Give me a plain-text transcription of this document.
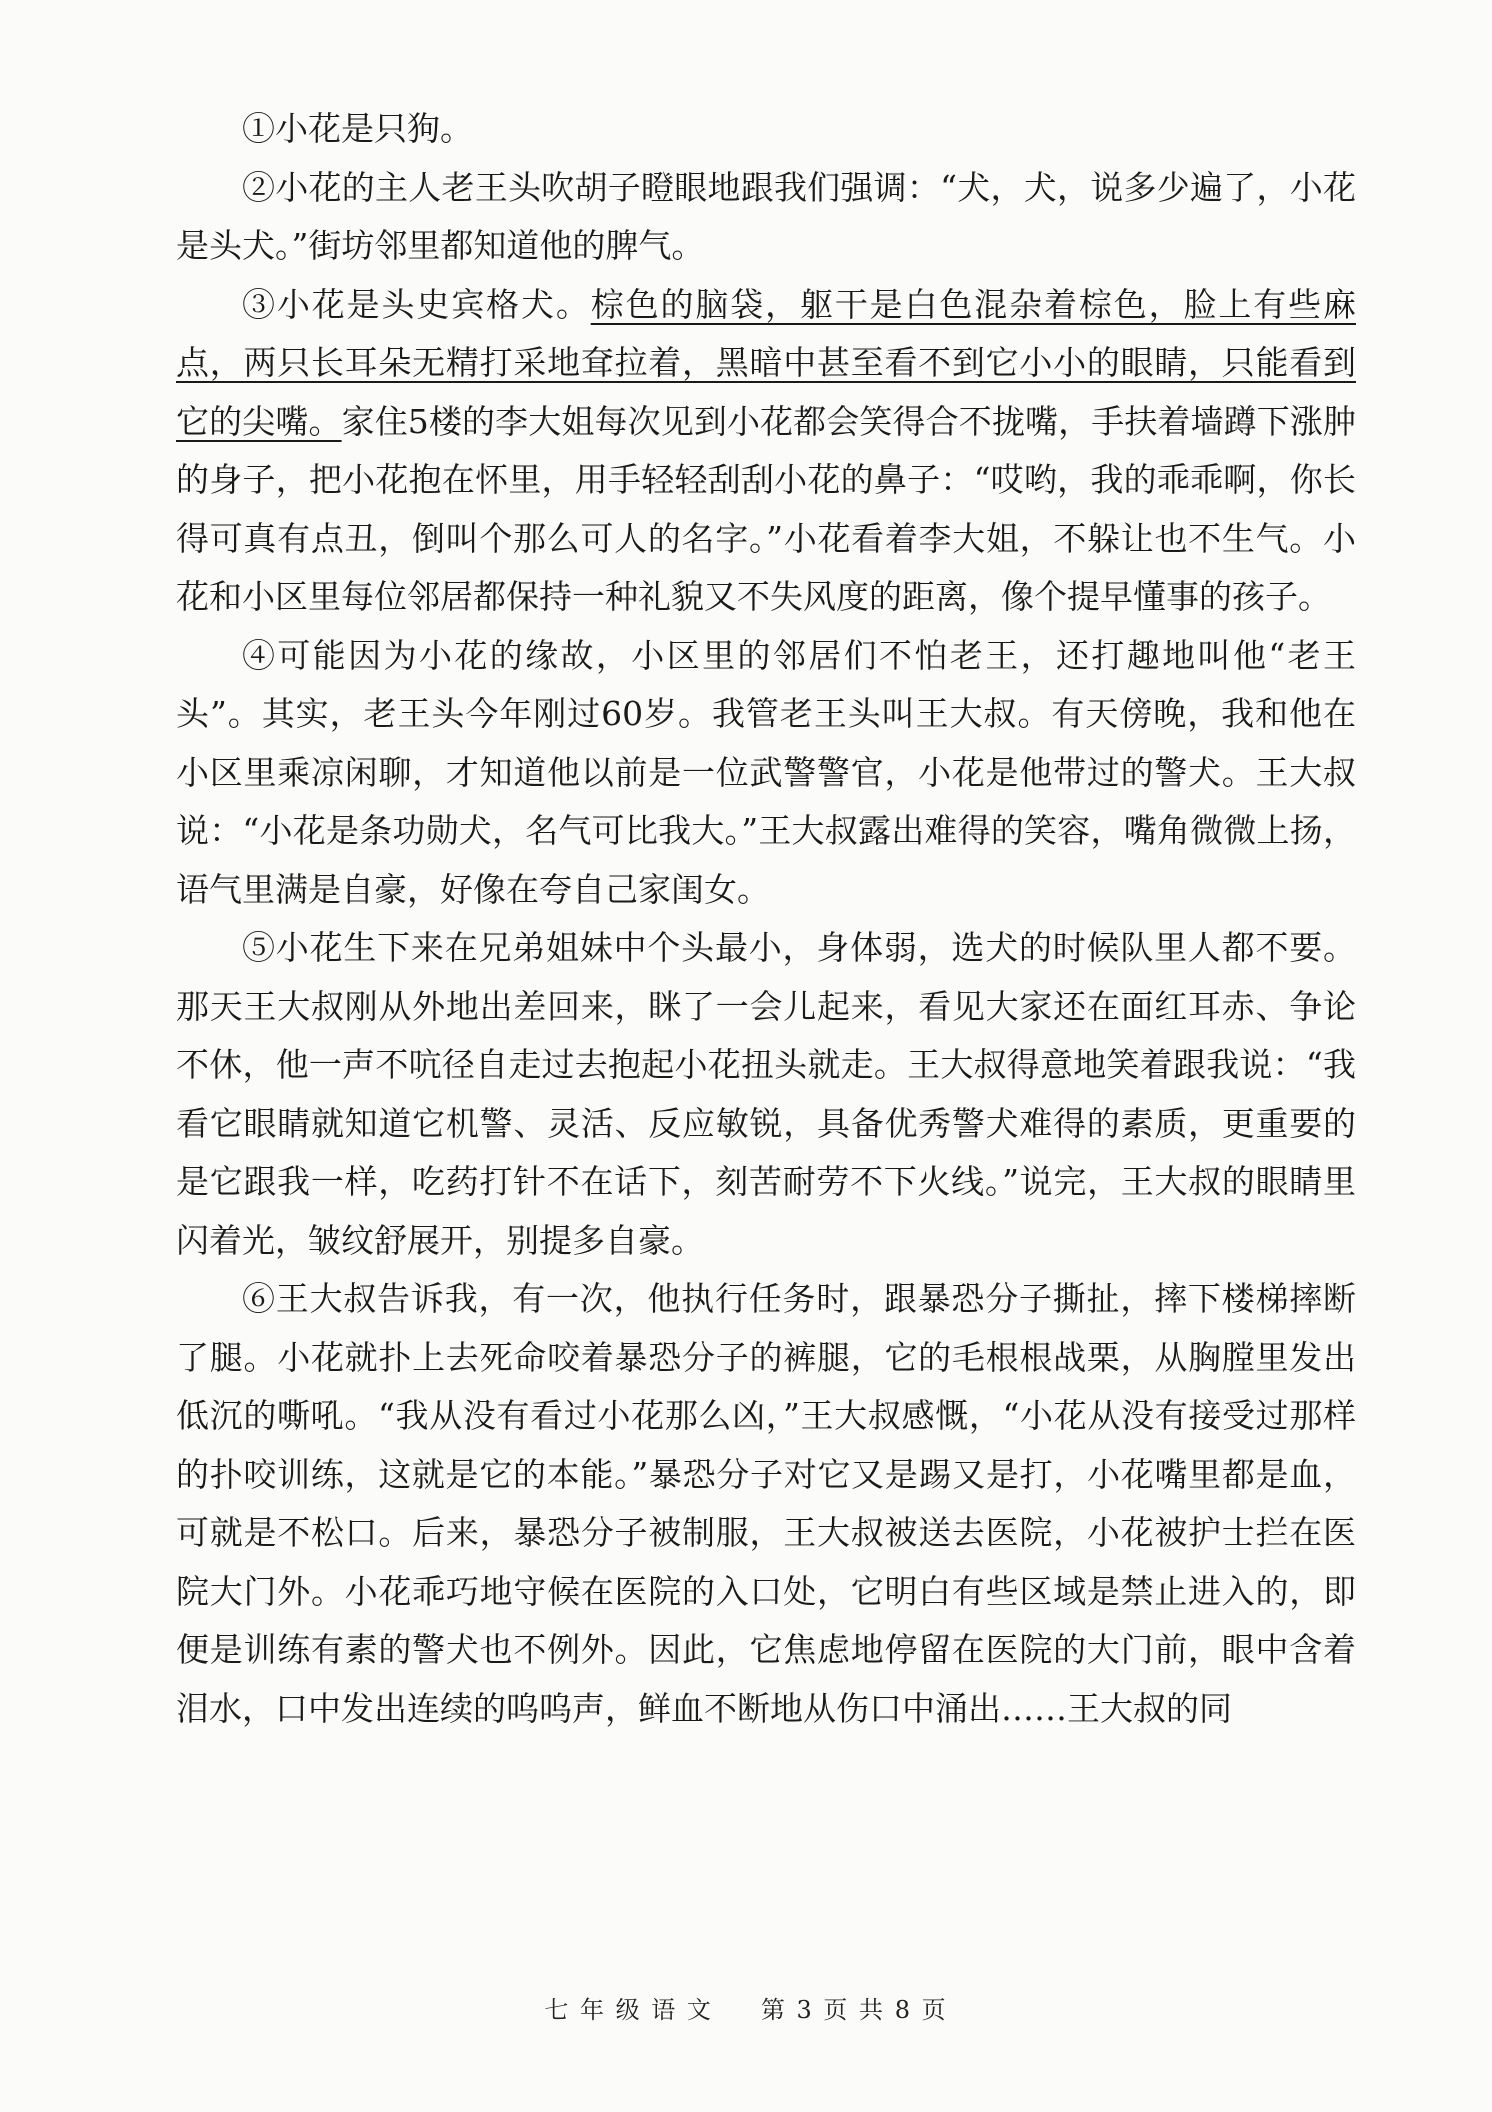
①小花是只狗。

②小花的主人老王头吹胡子瞪眼地跟我们强调：“犬，犬，说多少遍了，小花是头犬。”街坊邻里都知道他的脾气。

③小花是头史宾格犬。棕色的脑袋，躯干是白色混杂着棕色，脸上有些麻点，两只长耳朵无精打采地耷拉着，黑暗中甚至看不到它小小的眼睛，只能看到它的尖嘴。家住5楼的李大姐每次见到小花都会笑得合不拢嘴，手扶着墙蹲下涨肿的身子，把小花抱在怀里，用手轻轻刮刮小花的鼻子：“哎哟，我的乖乖啊，你长得可真有点丑，倒叫个那么可人的名字。”小花看着李大姐，不躲让也不生气。小花和小区里每位邻居都保持一种礼貌又不失风度的距离，像个提早懂事的孩子。

④可能因为小花的缘故，小区里的邻居们不怕老王，还打趣地叫他“老王头”。其实，老王头今年刚过60岁。我管老王头叫王大叔。有天傍晚，我和他在小区里乘凉闲聊，才知道他以前是一位武警警官，小花是他带过的警犬。王大叔说：“小花是条功勋犬，名气可比我大。”王大叔露出难得的笑容，嘴角微微上扬，语气里满是自豪，好像在夸自己家闺女。

⑤小花生下来在兄弟姐妹中个头最小，身体弱，选犬的时候队里人都不要。那天王大叔刚从外地出差回来，眯了一会儿起来，看见大家还在面红耳赤、争论不休，他一声不吭径自走过去抱起小花扭头就走。王大叔得意地笑着跟我说：“我看它眼睛就知道它机警、灵活、反应敏锐，具备优秀警犬难得的素质，更重要的是它跟我一样，吃药打针不在话下，刻苦耐劳不下火线。”说完，王大叔的眼睛里闪着光，皱纹舒展开，别提多自豪。

⑥王大叔告诉我，有一次，他执行任务时，跟暴恐分子撕扯，摔下楼梯摔断了腿。小花就扑上去死命咬着暴恐分子的裤腿，它的毛根根战栗，从胸膛里发出低沉的嘶吼。“我从没有看过小花那么凶，”王大叔感慨，“小花从没有接受过那样的扑咬训练，这就是它的本能。”暴恐分子对它又是踢又是打，小花嘴里都是血，可就是不松口。后来，暴恐分子被制服，王大叔被送去医院，小花被护士拦在医院大门外。小花乖巧地守候在医院的入口处，它明白有些区域是禁止进入的，即便是训练有素的警犬也不例外。因此，它焦虑地停留在医院的大门前，眼中含着泪水，口中发出连续的呜呜声，鲜血不断地从伤口中涌出……王大叔的同

七 年 级 语 文 第 3 页 共 8 页
